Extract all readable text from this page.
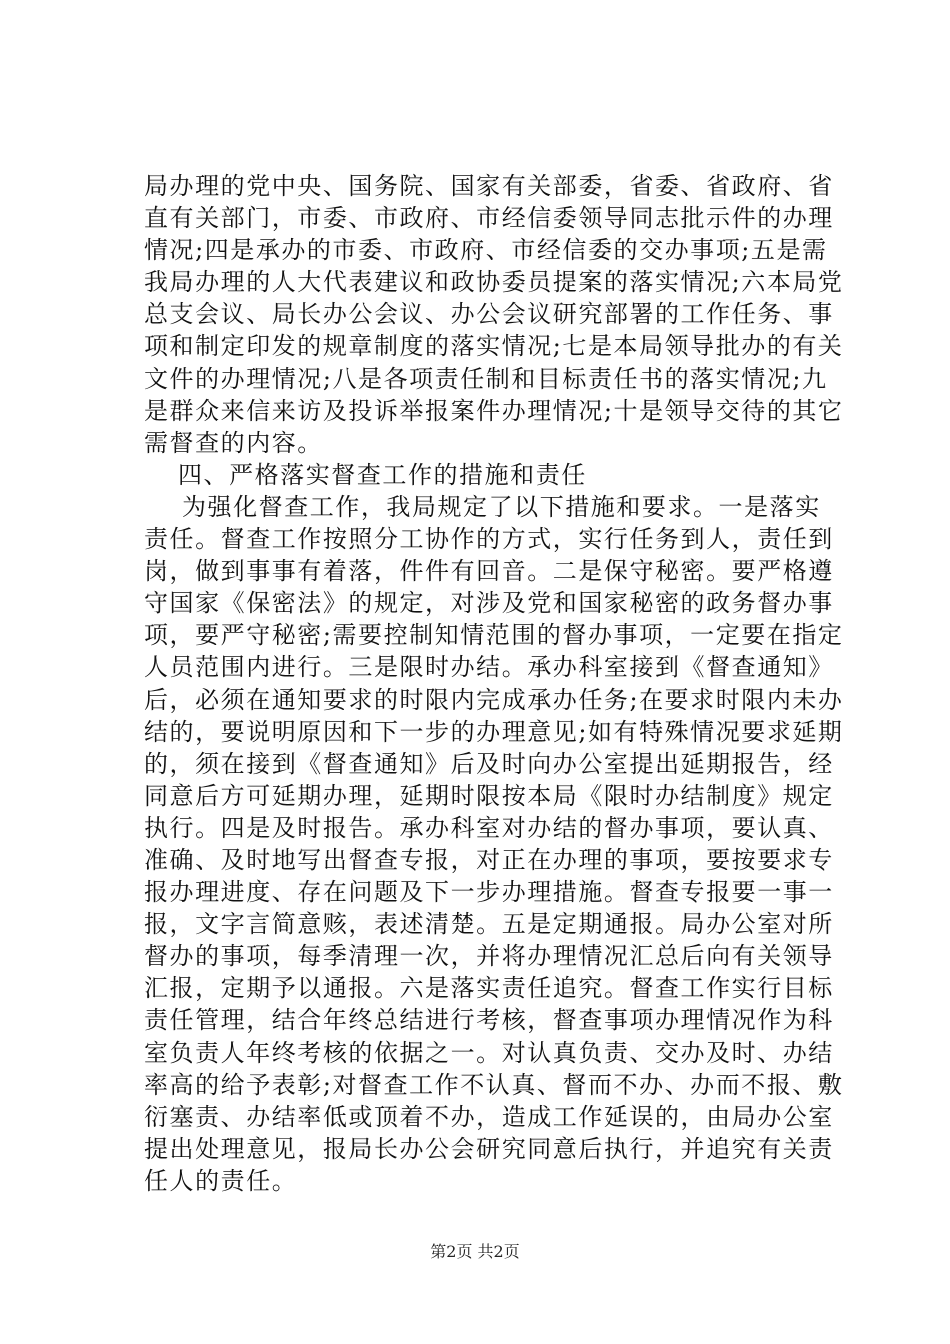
局办理的党中央、国务院、国家有关部委，省委、省政府、省
直有关部门，市委、市政府、市经信委领导同志批示件的办理
情况;四是承办的市委、市政府、市经信委的交办事项;五是需
我局办理的人大代表建议和政协委员提案的落实情况;六本局党
总支会议、局长办公会议、办公会议研究部署的工作任务、事
项和制定印发的规章制度的落实情况;七是本局领导批办的有关
文件的办理情况;八是各项责任制和目标责任书的落实情况;九
是群众来信来访及投诉举报案件办理情况;十是领导交待的其它
需督查的内容。
四、严格落实督查工作的措施和责任
为强化督查工作，我局规定了以下措施和要求。一是落实
责任。督查工作按照分工协作的方式，实行任务到人，责任到
岗，做到事事有着落，件件有回音。二是保守秘密。要严格遵
守国家《保密法》的规定，对涉及党和国家秘密的政务督办事
项，要严守秘密;需要控制知情范围的督办事项，一定要在指定
人员范围内进行。三是限时办结。承办科室接到《督查通知》
后，必须在通知要求的时限内完成承办任务;在要求时限内未办
结的，要说明原因和下一步的办理意见;如有特殊情况要求延期
的，须在接到《督查通知》后及时向办公室提出延期报告，经
同意后方可延期办理，延期时限按本局《限时办结制度》规定
执行。四是及时报告。承办科室对办结的督办事项，要认真、
准确、及时地写出督查专报，对正在办理的事项，要按要求专
报办理进度、存在问题及下一步办理措施。督查专报要一事一
报，文字言简意赅，表述清楚。五是定期通报。局办公室对所
督办的事项，每季清理一次，并将办理情况汇总后向有关领导
汇报，定期予以通报。六是落实责任追究。督查工作实行目标
责任管理，结合年终总结进行考核，督查事项办理情况作为科
室负责人年终考核的依据之一。对认真负责、交办及时、办结
率高的给予表彰;对督查工作不认真、督而不办、办而不报、敷
衍塞责、办结率低或顶着不办，造成工作延误的，由局办公室
提出处理意见，报局长办公会研究同意后执行，并追究有关责
任人的责任。
第2页 共2页
